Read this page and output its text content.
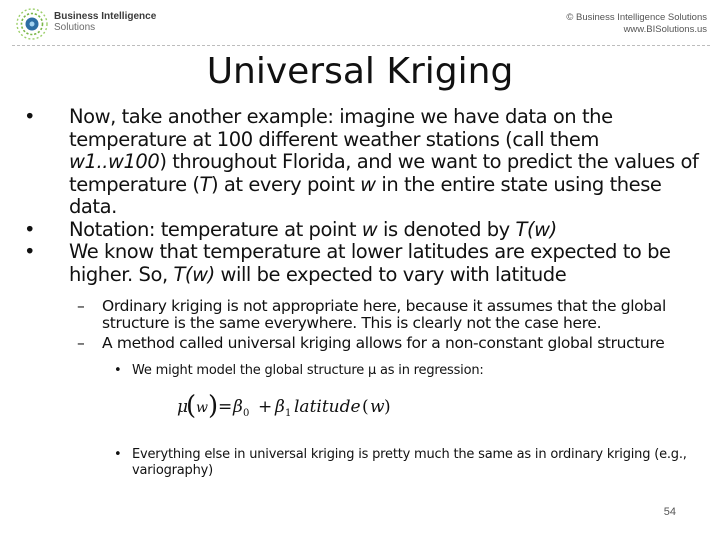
Business Intelligence
Solutions
© Business Intelligence Solutions
www.BISolutions.us
Universal Kriging
•	Now, take another example: imagine we have data on the temperature at 100 different weather stations (call them w1..w100) throughout Florida, and we want to predict the values of temperature (T) at every point w in the entire state using these data.
•	Notation: temperature at point w is denoted by T(w)
•	We know that temperature at lower latitudes are expected to be higher. So, T(w) will be expected to vary with latitude
– Ordinary kriging is not appropriate here, because it assumes that the global structure is the same everywhere. This is clearly not the case here.
– A method called universal kriging allows for a non-constant global structure
• We might model the global structure μ as in regression:
μ
( w ) = β 0 + β 1 latitude ( w )
• Everything else in universal kriging is pretty much the same as in ordinary kriging (e.g., variography)
54
